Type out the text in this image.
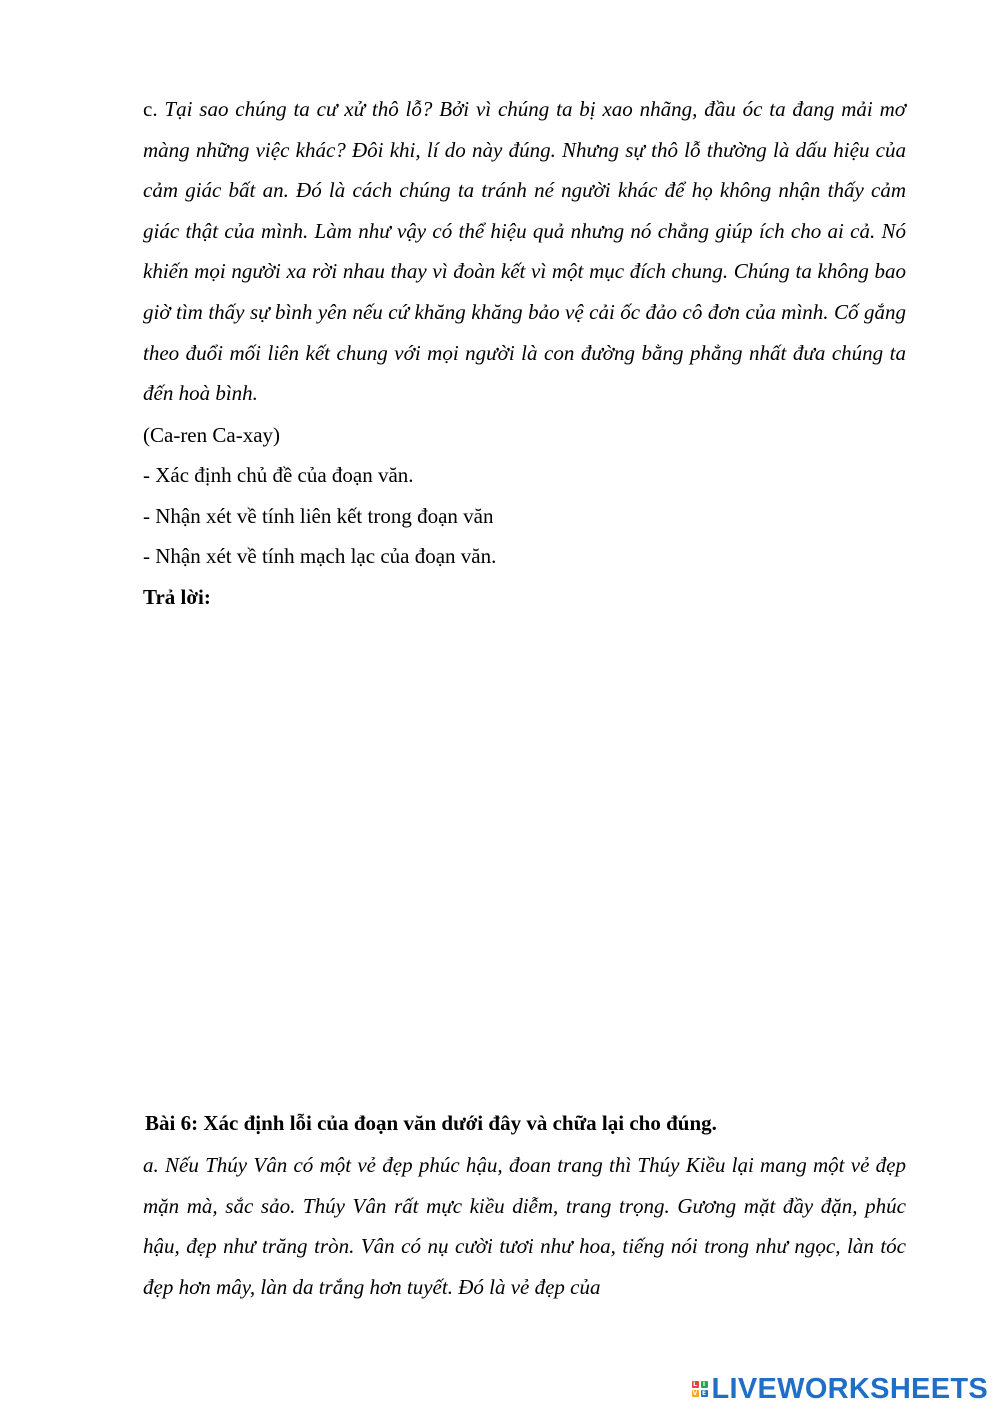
c. Tại sao chúng ta cư xử thô lỗ? Bởi vì chúng ta bị xao nhãng, đầu óc ta đang mải mơ màng những việc khác? Đôi khi, lí do này đúng. Nhưng sự thô lỗ thường là dấu hiệu của cảm giác bất an. Đó là cách chúng ta tránh né người khác để họ không nhận thấy cảm giác thật của mình. Làm như vậy có thể hiệu quả nhưng nó chẳng giúp ích cho ai cả. Nó khiến mọi người xa rời nhau thay vì đoàn kết vì một mục đích chung. Chúng ta không bao giờ tìm thấy sự bình yên nếu cứ khăng khăng bảo vệ cải ốc đảo cô đơn của mình. Cố gắng theo đuổi mối liên kết chung với mọi người là con đường bằng phẳng nhất đưa chúng ta đến hoà bình.

(Ca-ren Ca-xay)
- Xác định chủ đề của đoạn văn.
- Nhận xét về tính liên kết trong đoạn văn
- Nhận xét về tính mạch lạc của đoạn văn.
Trả lời:
Bài 6: Xác định lỗi của đoạn văn dưới đây và chữa lại cho đúng.

a. Nếu Thúy Vân có một vẻ đẹp phúc hậu, đoan trang thì Thúy Kiều lại mang một vẻ đẹp mặn mà, sắc sảo. Thúy Vân rất mực kiều diễm, trang trọng. Gương mặt đầy đặn, phúc hậu, đẹp như trăng tròn. Vân có nụ cười tươi như hoa, tiếng nói trong như ngọc, làn tóc đẹp hơn mây, làn da trắng hơn tuyết. Đó là vẻ đẹp của

L I
V E LIVEWORKSHEETS
